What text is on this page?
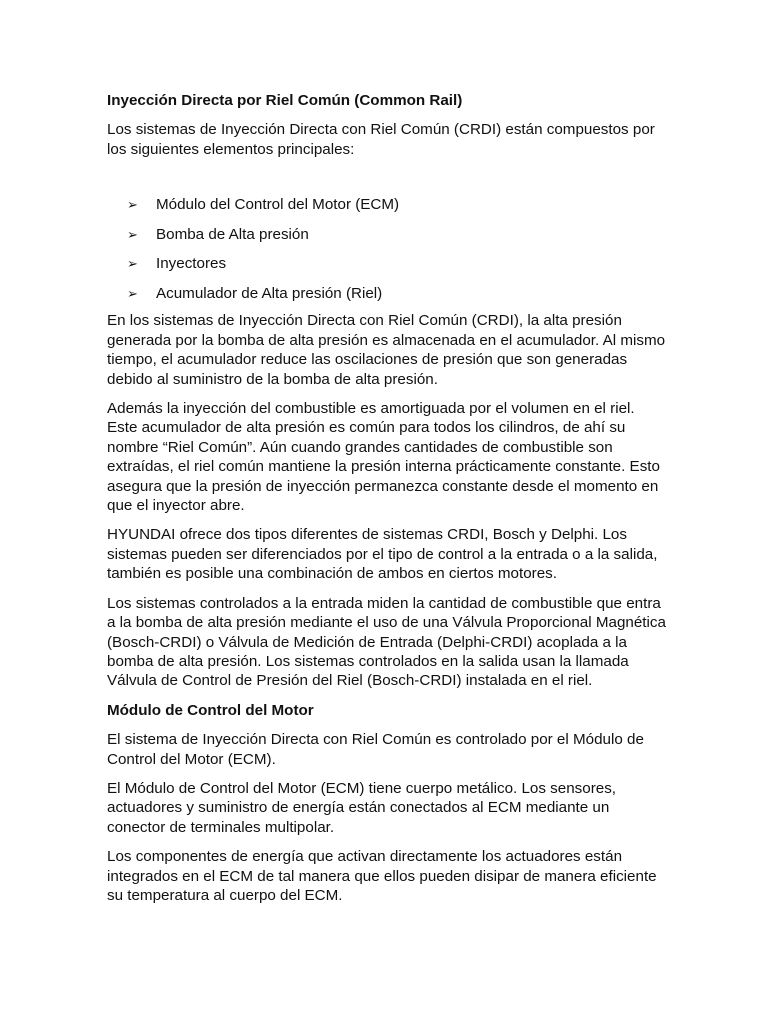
Inyección Directa por Riel Común (Common Rail)

Los sistemas de Inyección Directa con Riel Común (CRDI) están compuestos por los siguientes elementos principales:

➢	Módulo del Control del Motor (ECM)
➢	Bomba de Alta presión
➢	Inyectores
➢	Acumulador de Alta presión (Riel)

En los sistemas de Inyección Directa con Riel Común (CRDI), la alta presión generada por la bomba de alta presión es almacenada en el acumulador. Al mismo tiempo, el acumulador reduce las oscilaciones de presión que son generadas debido al suministro de la bomba de alta presión.

Además la inyección del combustible es amortiguada por el volumen en el riel. Este acumulador de alta presión es común para todos los cilindros, de ahí su nombre “Riel Común”. Aún cuando grandes cantidades de combustible son extraídas, el riel común mantiene la presión interna prácticamente constante. Esto asegura que la presión de inyección permanezca constante desde el momento en que el inyector abre.

HYUNDAI ofrece dos tipos diferentes de sistemas CRDI, Bosch y Delphi. Los sistemas pueden ser diferenciados por el tipo de control a la entrada o a la salida, también es posible una combinación de ambos en ciertos motores.

Los sistemas controlados a la entrada miden la cantidad de combustible que entra a la bomba de alta presión mediante el uso de una Válvula Proporcional Magnética (Bosch-CRDI) o Válvula de Medición de Entrada (Delphi-CRDI) acoplada a la bomba de alta presión. Los sistemas controlados en la salida usan la llamada Válvula de Control de Presión del Riel (Bosch-CRDI) instalada en el riel.

Módulo de Control del Motor

El sistema de Inyección Directa con Riel Común es controlado por el Módulo de Control del Motor (ECM).

El Módulo de Control del Motor (ECM) tiene cuerpo metálico. Los sensores, actuadores y suministro de energía están conectados al ECM mediante un conector de terminales multipolar.

Los componentes de energía que activan directamente los actuadores están integrados en el ECM de tal manera que ellos pueden disipar de manera eficiente su temperatura al cuerpo del ECM.
